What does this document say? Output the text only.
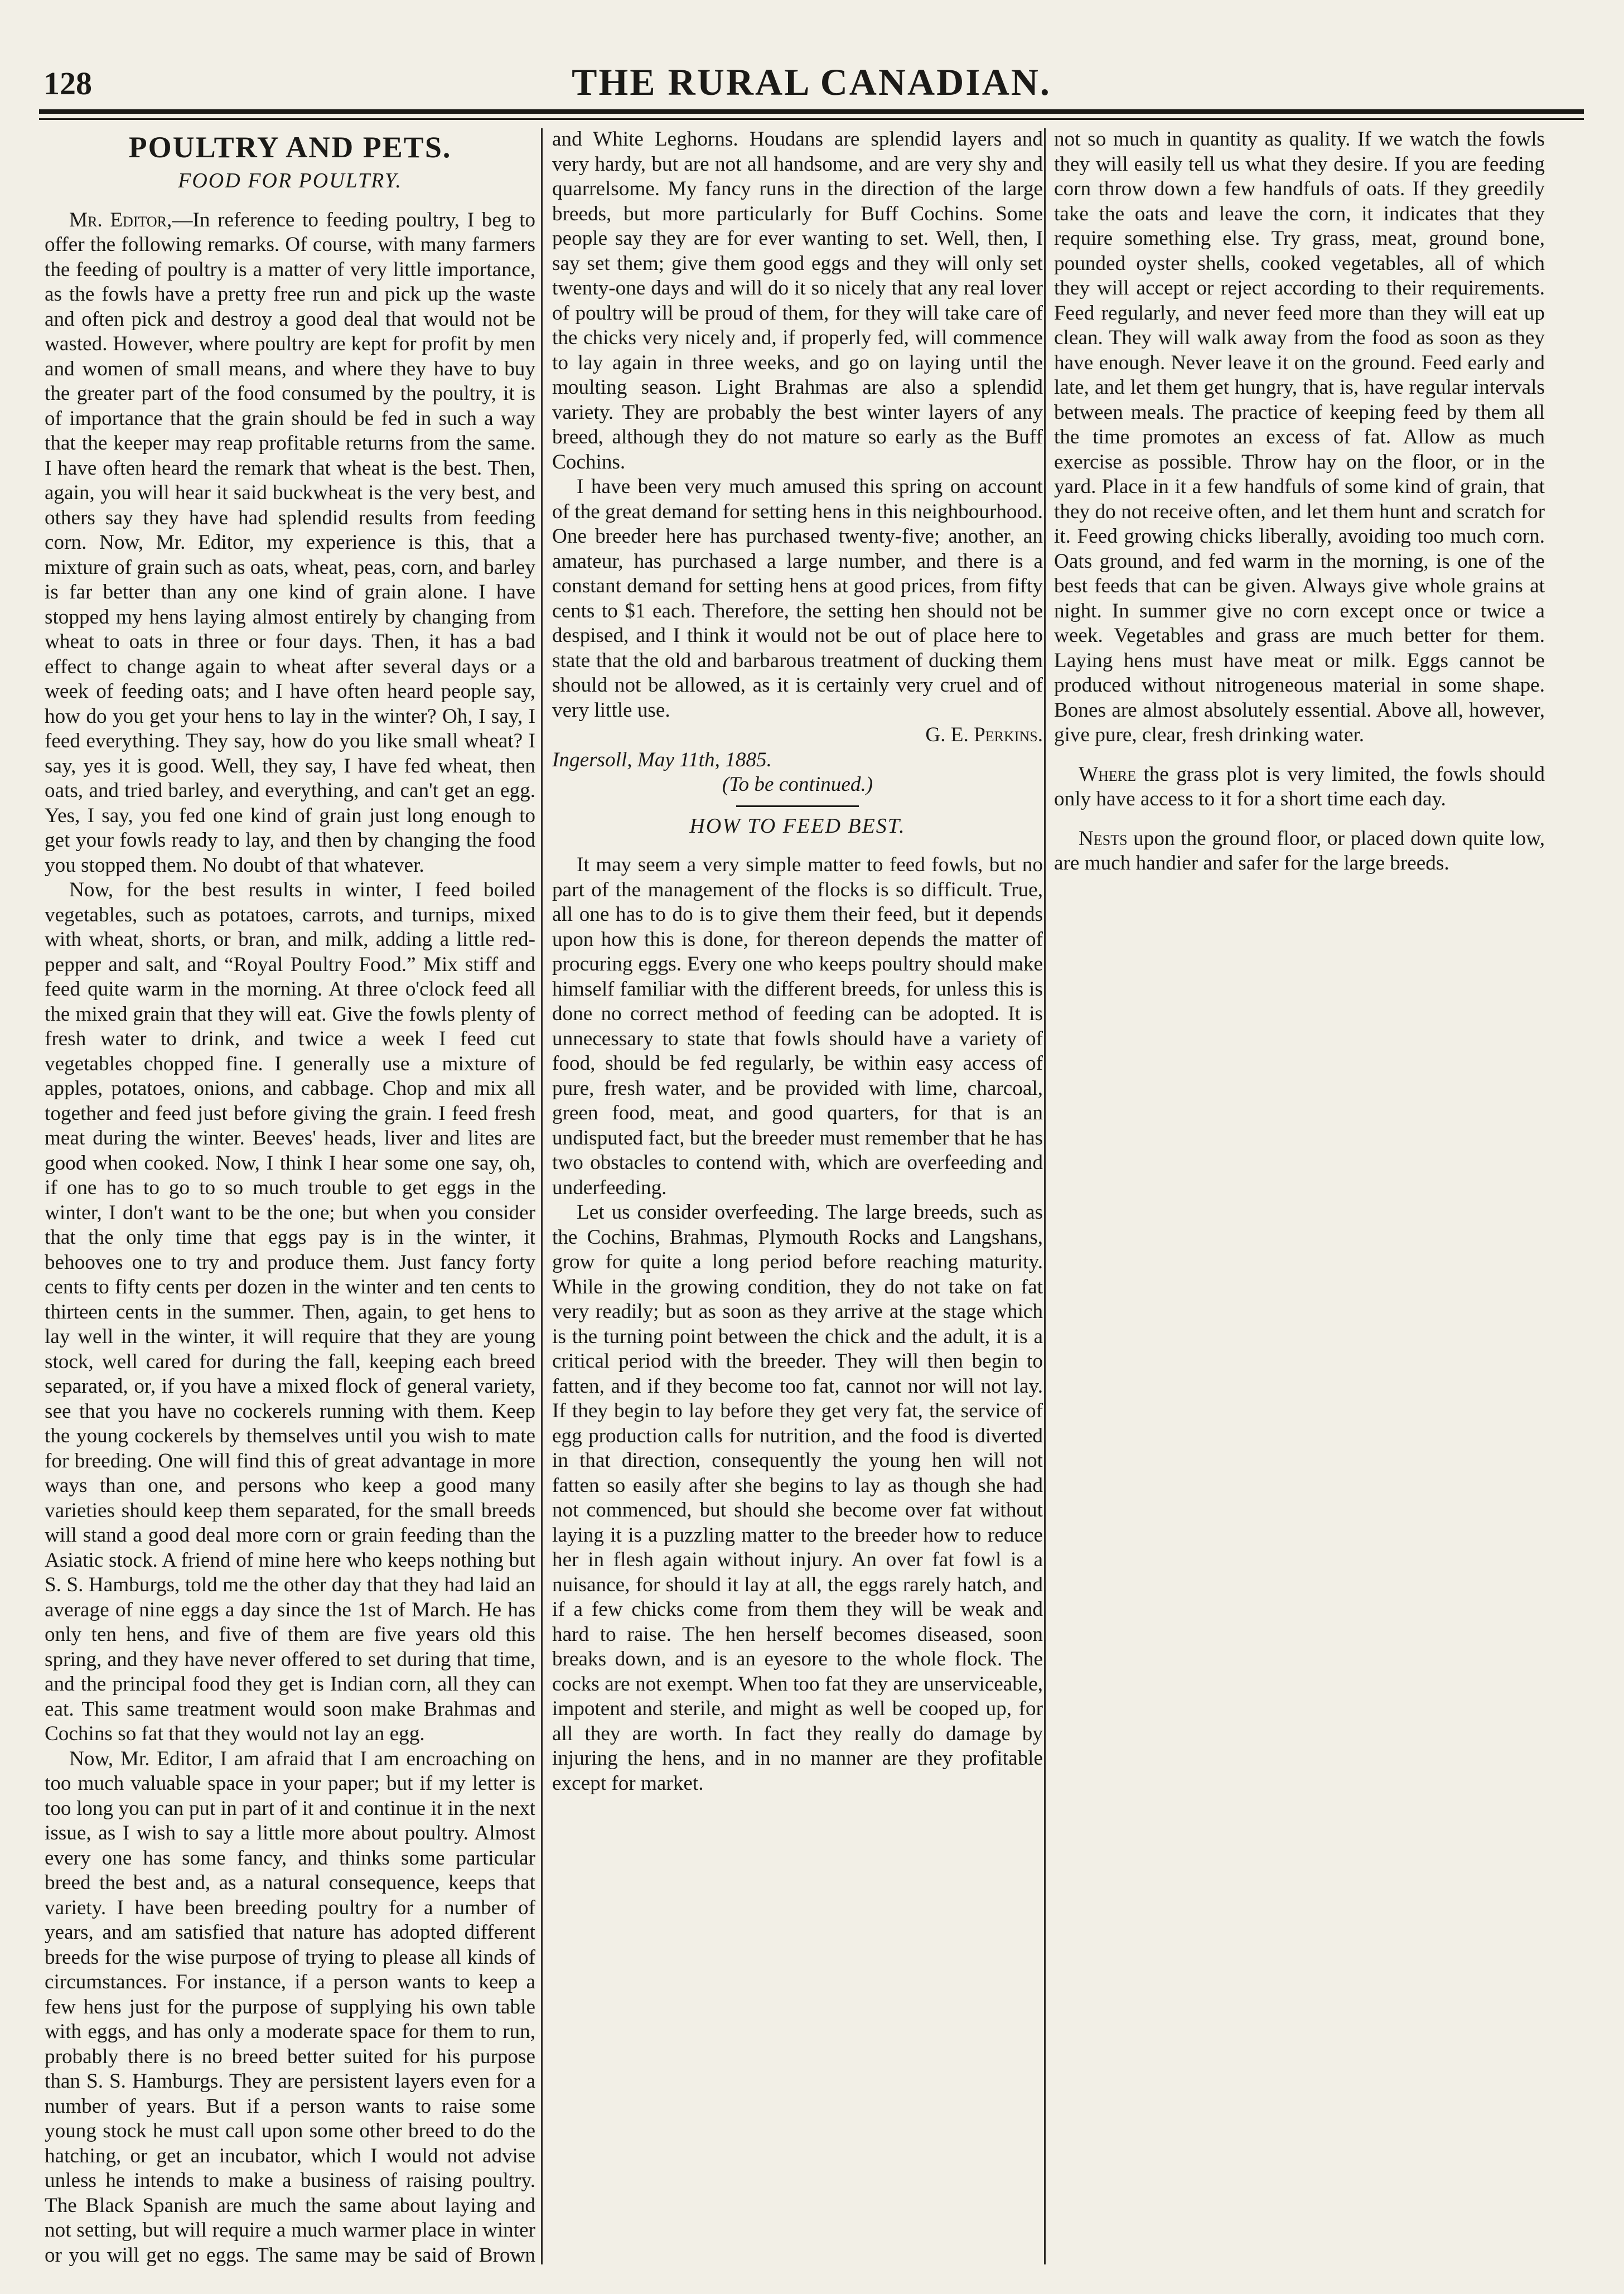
128	THE RURAL CANADIAN.
POULTRY AND PETS.
FOOD FOR POULTRY.

Mr. Editor,—In reference to feeding poultry, I beg to offer the following remarks. Of course, with many farmers the feeding of poultry is a matter of very little importance, as the fowls have a pretty free run and pick up the waste and often pick and destroy a good deal that would not be wasted. However, where poultry are kept for profit by men and women of small means, and where they have to buy the greater part of the food consumed by the poultry, it is of importance that the grain should be fed in such a way that the keeper may reap profitable returns from the same. I have often heard the remark that wheat is the best. Then, again, you will hear it said buckwheat is the very best, and others say they have had splendid results from feeding corn. Now, Mr. Editor, my experience is this, that a mixture of grain such as oats, wheat, peas, corn, and barley is far better than any one kind of grain alone. I have stopped my hens laying almost entirely by changing from wheat to oats in three or four days. Then, it has a bad effect to change again to wheat after several days or a week of feeding oats; and I have often heard people say, how do you get your hens to lay in the winter? Oh, I say, I feed everything. They say, how do you like small wheat? I say, yes it is good. Well, they say, I have fed wheat, then oats, and tried barley, and everything, and can't get an egg. Yes, I say, you fed one kind of grain just long enough to get your fowls ready to lay, and then by changing the food you stopped them. No doubt of that whatever.

Now, for the best results in winter, I feed boiled vegetables, such as potatoes, carrots, and turnips, mixed with wheat, shorts, or bran, and milk, adding a little red-pepper and salt, and “Royal Poultry Food.” Mix stiff and feed quite warm in the morning. At three o'clock feed all the mixed grain that they will eat. Give the fowls plenty of fresh water to drink, and twice a week I feed cut vegetables chopped fine. I generally use a mixture of apples, potatoes, onions, and cabbage. Chop and mix all together and feed just before giving the grain. I feed fresh meat during the winter. Beeves' heads, liver and lites are good when cooked. Now, I think I hear some one say, oh, if one has to go to so much trouble to get eggs in the winter, I don't want to be the one; but when you consider that the only time that eggs pay is in the winter, it behooves one to try and produce them. Just fancy forty cents to fifty cents per dozen in the winter and ten cents to thirteen cents in the summer. Then, again, to get hens to lay well in the winter, it will require that they are young stock, well cared for during the fall, keeping each breed separated, or, if you have a mixed flock of general variety, see that you have no cockerels running with them. Keep the young cockerels by themselves until you wish to mate for breeding. One will find this of great advantage in more ways than one, and persons who keep a good many varieties should keep them separated, for the small breeds will stand a good deal more corn or grain feeding than the Asiatic stock. A friend of mine here who keeps nothing but S. S. Hamburgs, told me the other day that they had laid an average of nine eggs a day since the 1st of March. He has only ten hens, and five of them are five years old this spring, and they have never offered to set during that time, and the principal food they get is Indian corn, all they can eat. This same treatment would soon make Brahmas and Cochins so fat that they would not lay an egg.

Now, Mr. Editor, I am afraid that I am encroaching on too much valuable space in your paper; but if my letter is too long you can put in part of it and continue it in the next issue, as I wish to say a little more about poultry. Almost every one has some fancy, and thinks some particular breed the best and, as a natural consequence, keeps that variety. I have been breeding poultry for a number of years, and am satisfied that nature has adopted different breeds for the wise purpose of trying to please all kinds of circumstances. For instance, if a person wants to keep a few hens just for the purpose of supplying his own table with eggs, and has only a moderate space for them to run, probably there is no breed better suited for his purpose than S. S. Hamburgs. They are persistent layers even for a number of years. But if a person wants to raise some young stock he must call upon some other breed to do the hatching, or get an incubator, which I would not advise unless he intends to make a business of raising poultry. The Black Spanish are much the same about laying and not setting, but will require a much warmer place in winter or you will get no eggs. The same may be said of Brown

and White Leghorns. Houdans are splendid layers and very hardy, but are not all handsome, and are very shy and quarrelsome. My fancy runs in the direction of the large breeds, but more particularly for Buff Cochins. Some people say they are for ever wanting to set. Well, then, I say set them; give them good eggs and they will only set twenty-one days and will do it so nicely that any real lover of poultry will be proud of them, for they will take care of the chicks very nicely and, if properly fed, will commence to lay again in three weeks, and go on laying until the moulting season. Light Brahmas are also a splendid variety. They are probably the best winter layers of any breed, although they do not mature so early as the Buff Cochins.

I have been very much amused this spring on account of the great demand for setting hens in this neighbourhood. One breeder here has purchased twenty-five; another, an amateur, has purchased a large number, and there is a constant demand for setting hens at good prices, from fifty cents to $1 each. Therefore, the setting hen should not be despised, and I think it would not be out of place here to state that the old and barbarous treatment of ducking them should not be allowed, as it is certainly very cruel and of very little use.

G. E. Perkins.

Ingersoll, May 11th, 1885.

(To be continued.)

HOW TO FEED BEST.

It may seem a very simple matter to feed fowls, but no part of the management of the flocks is so difficult. True, all one has to do is to give them their feed, but it depends upon how this is done, for thereon depends the matter of procuring eggs. Every one who keeps poultry should make himself familiar with the different breeds, for unless this is done no correct method of feeding can be adopted. It is unnecessary to state that fowls should have a variety of food, should be fed regularly, be within easy access of pure, fresh water, and be provided with lime, charcoal, green food, meat, and good quarters, for that is an undisputed fact, but the breeder must remember that he has two obstacles to contend with, which are overfeeding and underfeeding.

Let us consider overfeeding. The large breeds, such as the Cochins, Brahmas, Plymouth Rocks and Langshans, grow for quite a long period before reaching maturity. While in the growing condition, they do not take on fat very readily; but as soon as they arrive at the stage which is the turning point between the chick and the adult, it is a critical period with the breeder. They will then begin to fatten, and if they become too fat, cannot nor will not lay. If they begin to lay before they get very fat, the service of egg production calls for nutrition, and the food is diverted in that direction, consequently the young hen will not fatten so easily after she begins to lay as though she had not commenced, but should she become over fat without laying it is a puzzling matter to the breeder how to reduce her in flesh again without injury. An over fat fowl is a nuisance, for should it lay at all, the eggs rarely hatch, and if a few chicks come from them they will be weak and hard to raise. The hen herself becomes diseased, soon breaks down, and is an eyesore to the whole flock. The cocks are not exempt. When too fat they are unserviceable, impotent and sterile, and might as well be cooped up, for all they are worth. In fact they really do damage by injuring the hens, and in no manner are they profitable except for market.

not so much in quantity as quality. If we watch the fowls they will easily tell us what they desire. If you are feeding corn throw down a few handfuls of oats. If they greedily take the oats and leave the corn, it indicates that they require something else. Try grass, meat, ground bone, pounded oyster shells, cooked vegetables, all of which they will accept or reject according to their requirements. Feed regularly, and never feed more than they will eat up clean. They will walk away from the food as soon as they have enough. Never leave it on the ground. Feed early and late, and let them get hungry, that is, have regular intervals between meals. The practice of keeping feed by them all the time promotes an excess of fat. Allow as much exercise as possible. Throw hay on the floor, or in the yard. Place in it a few handfuls of some kind of grain, that they do not receive often, and let them hunt and scratch for it. Feed growing chicks liberally, avoiding too much corn. Oats ground, and fed warm in the morning, is one of the best feeds that can be given. Always give whole grains at night. In summer give no corn except once or twice a week. Vegetables and grass are much better for them. Laying hens must have meat or milk. Eggs cannot be produced without nitrogeneous material in some shape. Bones are almost absolutely essential. Above all, however, give pure, clear, fresh drinking water.

Where the grass plot is very limited, the fowls should only have access to it for a short time each day.

Nests upon the ground floor, or placed down quite low, are much handier and safer for the large breeds.
